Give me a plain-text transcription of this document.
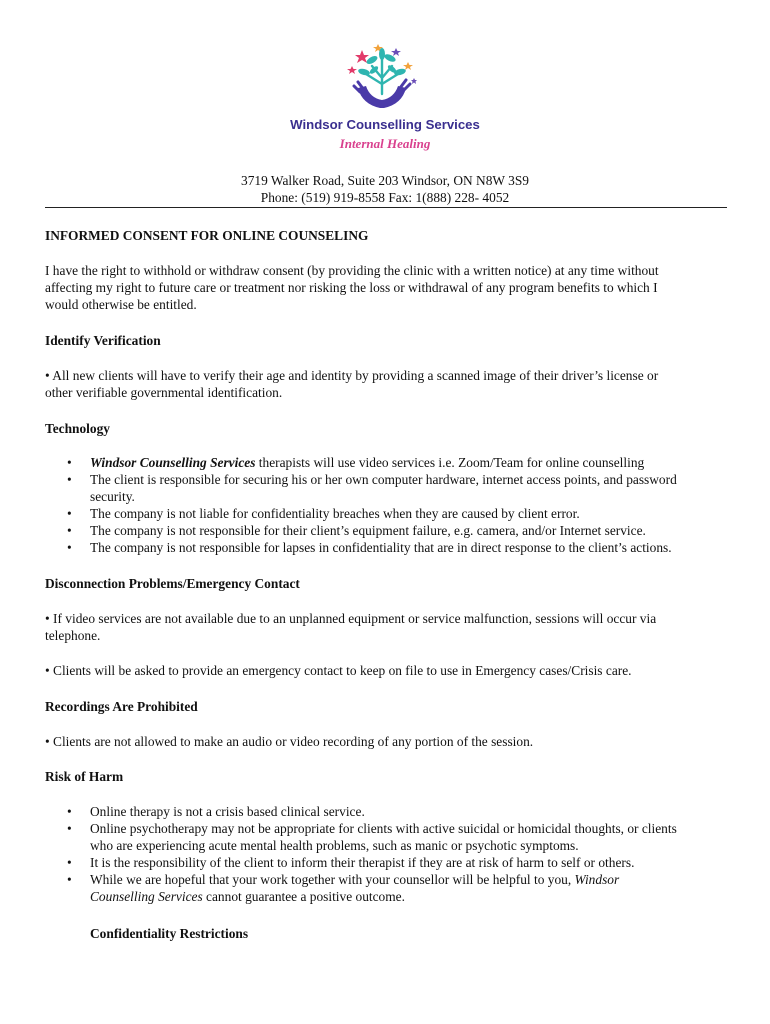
Windsor Counselling Services
Internal Healing
3719 Walker Road, Suite 203 Windsor, ON N8W 3S9
Phone: (519) 919-8558 Fax: 1(888) 228- 4052
INFORMED CONSENT FOR ONLINE COUNSELING
I have the right to withhold or withdraw consent (by providing the clinic with a written notice) at any time without
affecting my right to future care or treatment nor risking the loss or withdrawal of any program benefits to which I
would otherwise be entitled.
Identify Verification
• All new clients will have to verify their age and identity by providing a scanned image of their driver’s license or
other verifiable governmental identification.
Technology
• Windsor Counselling Services therapists will use video services i.e. Zoom/Team for online counselling
• The client is responsible for securing his or her own computer hardware, internet access points, and password
security.
• The company is not liable for confidentiality breaches when they are caused by client error.
• The company is not responsible for their client’s equipment failure, e.g. camera, and/or Internet service.
• The company is not responsible for lapses in confidentiality that are in direct response to the client’s actions.
Disconnection Problems/Emergency Contact
• If video services are not available due to an unplanned equipment or service malfunction, sessions will occur via
telephone.
• Clients will be asked to provide an emergency contact to keep on file to use in Emergency cases/Crisis care.
Recordings Are Prohibited
• Clients are not allowed to make an audio or video recording of any portion of the session.
Risk of Harm
• Online therapy is not a crisis based clinical service.
• Online psychotherapy may not be appropriate for clients with active suicidal or homicidal thoughts, or clients
who are experiencing acute mental health problems, such as manic or psychotic symptoms.
• It is the responsibility of the client to inform their therapist if they are at risk of harm to self or others.
• While we are hopeful that your work together with your counsellor will be helpful to you, Windsor
Counselling Services cannot guarantee a positive outcome.
Confidentiality Restrictions
